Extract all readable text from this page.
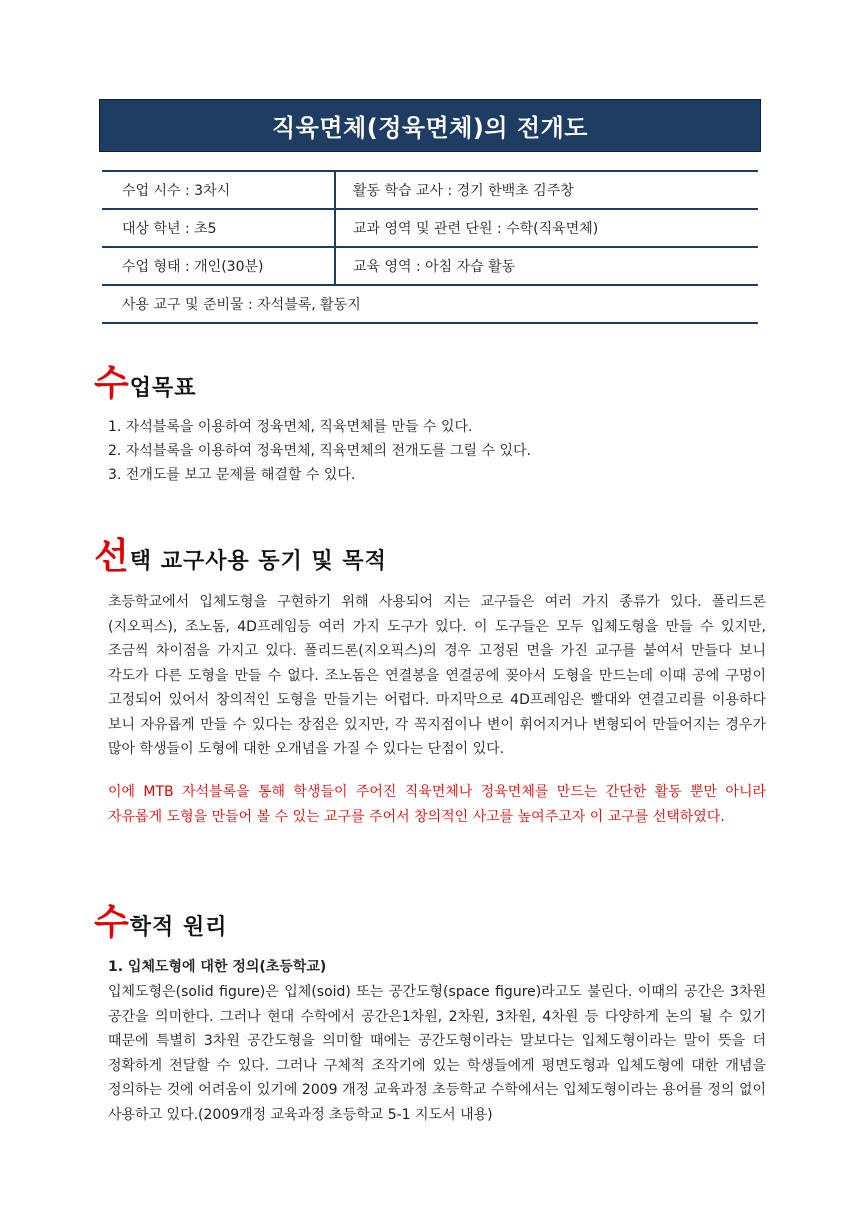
직육면체(정육면체)의 전개도
수업 시수 : 3차시	활동 학습 교사 : 경기 한백초 김주창
대상 학년 : 초5	교과 영역 및 관련 단원 : 수학(직육면체)
수업 형태 : 개인(30분)	교육 영역 : 아침 자습 활동
사용 교구 및 준비물 : 자석블록, 활동지	
수 업목표
1. 자석블록을 이용하여 정육면체, 직육면체를 만들 수 있다.
2. 자석블록을 이용하여 정육면체, 직육면체의 전개도를 그릴 수 있다.
3. 전개도를 보고 문제를 해결할 수 있다.
선 택 교구사용 동기 및 목적
초등학교에서 입체도형을 구현하기 위해 사용되어 지는 교구들은 여러 가지 종류가 있다. 폴리드론(지오픽스), 조노돔, 4D프레임등 여러 가지 도구가 있다. 이 도구들은 모두 입체도형을 만들 수 있지만, 조금씩 차이점을 가지고 있다. 폴리드론(지오픽스)의 경우 고정된 면을 가진 교구를 붙여서 만들다 보니 각도가 다른 도형을 만들 수 없다. 조노돔은 연결봉을 연결공에 꽂아서 도형을 만드는데 이때 공에 구멍이 고정되어 있어서 창의적인 도형을 만들기는 어렵다. 마지막으로 4D프레임은 빨대와 연결고리를 이용하다 보니 자유롭게 만들 수 있다는 장점은 있지만, 각 꼭지점이나 변이 휘어지거나 변형되어 만들어지는 경우가 많아 학생들이 도형에 대한 오개념을 가질 수 있다는 단점이 있다.
이에 MTB 자석블록을 통해 학생들이 주어진 직육면체나 정육면체를 만드는 간단한 활동 뿐만 아니라 자유롭게 도형을 만들어 볼 수 있는 교구를 주어서 창의적인 사고를 높여주고자 이 교구를 선택하였다.
수 학적 원리
1. 입체도형에 대한 정의(초등학교)
입체도형은(solid figure)은 입체(soid) 또는 공간도형(space figure)라고도 불린다. 이때의 공간은 3차원 공간을 의미한다. 그러나 현대 수학에서 공간은1차원, 2차원, 3차원, 4차원 등 다양하게 논의 될 수 있기 때문에 특별히 3차원 공간도형을 의미할 때에는 공간도형이라는 말보다는 입체도형이라는 말이 뜻을 더 정확하게 전달할 수 있다. 그러나 구체적 조작기에 있는 학생들에게 평면도형과 입체도형에 대한 개념을 정의하는 것에 어려움이 있기에 2009 개정 교육과정 초등학교 수학에서는 입체도형이라는 용어를 정의 없이 사용하고 있다.(2009개정 교육과정 초등학교 5-1 지도서 내용)
